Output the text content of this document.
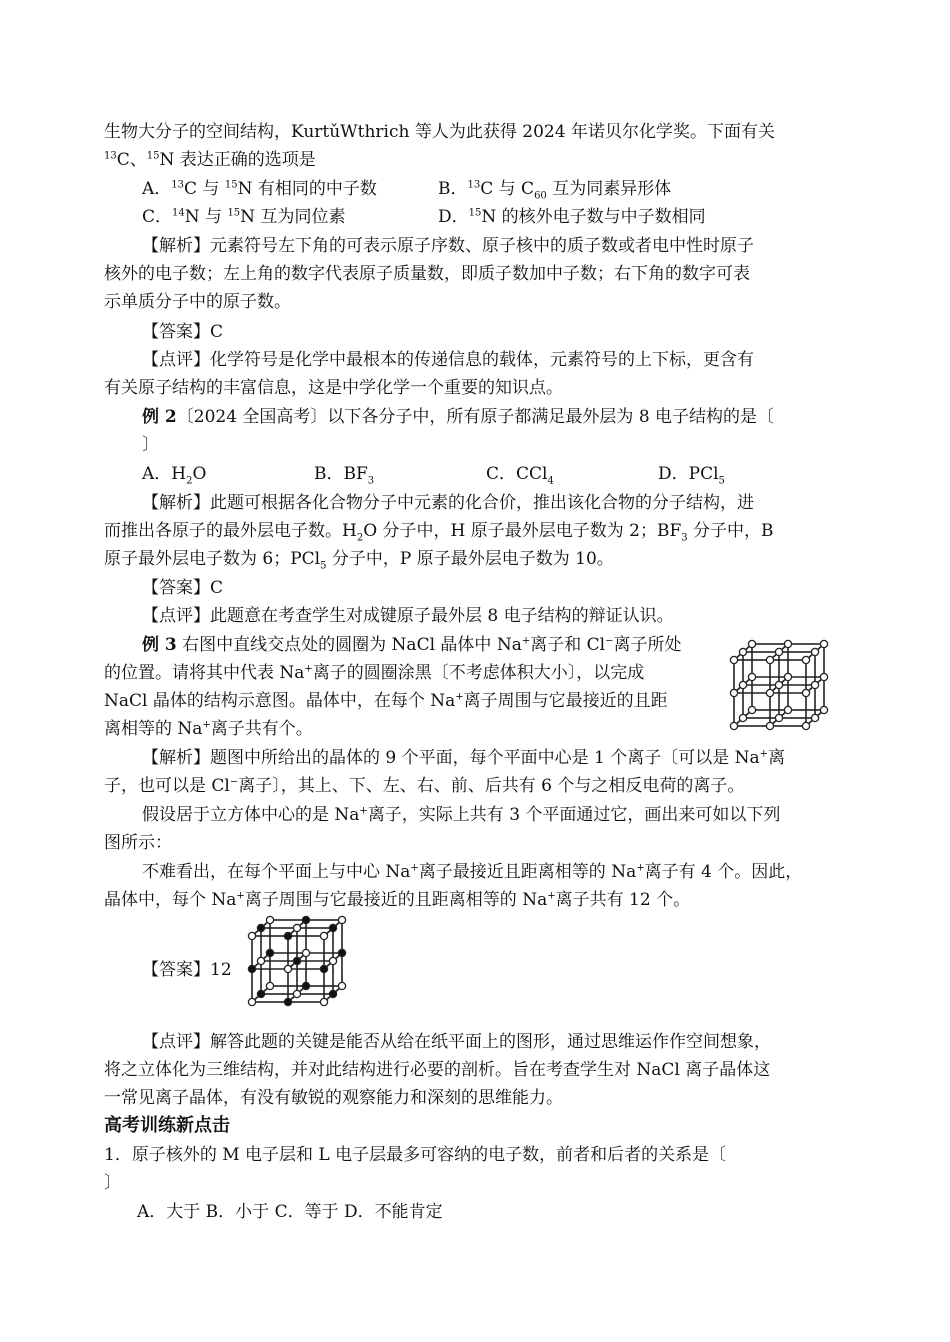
生物大分子的空间结构，KurtǔWthrich 等人为此获得 2024 年诺贝尔化学奖。下面有关
$^{13}$C、$^{15}$N 表达正确的选项是
A．$^{13}$C 与 $^{15}$N 有相同的中子数	B．$^{13}$C 与 $C_{60}$ 互为同素异形体
C．$^{14}$N 与 $^{15}$N 互为同位素	D．$^{15}$N 的核外电子数与中子数相同
【解析】元素符号左下角的可表示原子序数、原子核中的质子数或者电中性时原子
核外的电子数；左上角的数字代表原子质量数，即质子数加中子数；右下角的数字可表
示单质分子中的原子数。
【答案】C
【点评】化学符号是化学中最根本的传递信息的载体，元素符号的上下标，更含有
有关原子结构的丰富信息，这是中学化学一个重要的知识点。
例 2〔2024 全国高考〕以下各分子中，所有原子都满足最外层为 8 电子结构的是〔
〕
A．$H_2O$	B．$BF_3$	C．CCl$_4$	D．PCl$_5$
【解析】此题可根据各化合物分子中元素的化合价，推出该化合物的分子结构，进
而推出各原子的最外层电子数。$H_2O$ 分子中，H 原子最外层电子数为 2；$BF_3$ 分子中，B
原子最外层电子数为 6；PCl$_5$ 分子中，P 原子最外层电子数为 10。
【答案】C
【点评】此题意在考查学生对成键原子最外层 8 电子结构的辩证认识。
例 3 右图中直线交点处的圆圈为 NaCl 晶体中 Na+离子和 Cl−离子所处
的位置。请将其中代表 Na+离子的圆圈涂黑〔不考虑体积大小〕，以完成
NaCl 晶体的结构示意图。晶体中，在每个 Na+离子周围与它最接近的且距
离相等的 Na+离子共有个。
【解析】题图中所给出的晶体的 9 个平面，每个平面中心是 1 个离子〔可以是 Na+离
子，也可以是 Cl−离子〕，其上、下、左、右、前、后共有 6 个与之相反电荷的离子。
假设居于立方体中心的是 Na+离子，实际上共有 3 个平面通过它，画出来可如以下列
图所示：
不难看出，在每个平面上与中心 Na+离子最接近且距离相等的 Na+离子有 4 个。因此，
晶体中，每个 Na+离子周围与它最接近的且距离相等的 Na+离子共有 12 个。
【答案】12
【点评】解答此题的关键是能否从给在纸平面上的图形，通过思维运作作空间想象，
将之立体化为三维结构，并对此结构进行必要的剖析。旨在考查学生对 NaCl 离子晶体这
一常见离子晶体，有没有敏锐的观察能力和深刻的思维能力。
高考训练新点击
1．原子核外的 M 电子层和 L 电子层最多可容纳的电子数，前者和后者的关系是〔
〕
A．大于 B．小于 C．等于 D．不能肯定
